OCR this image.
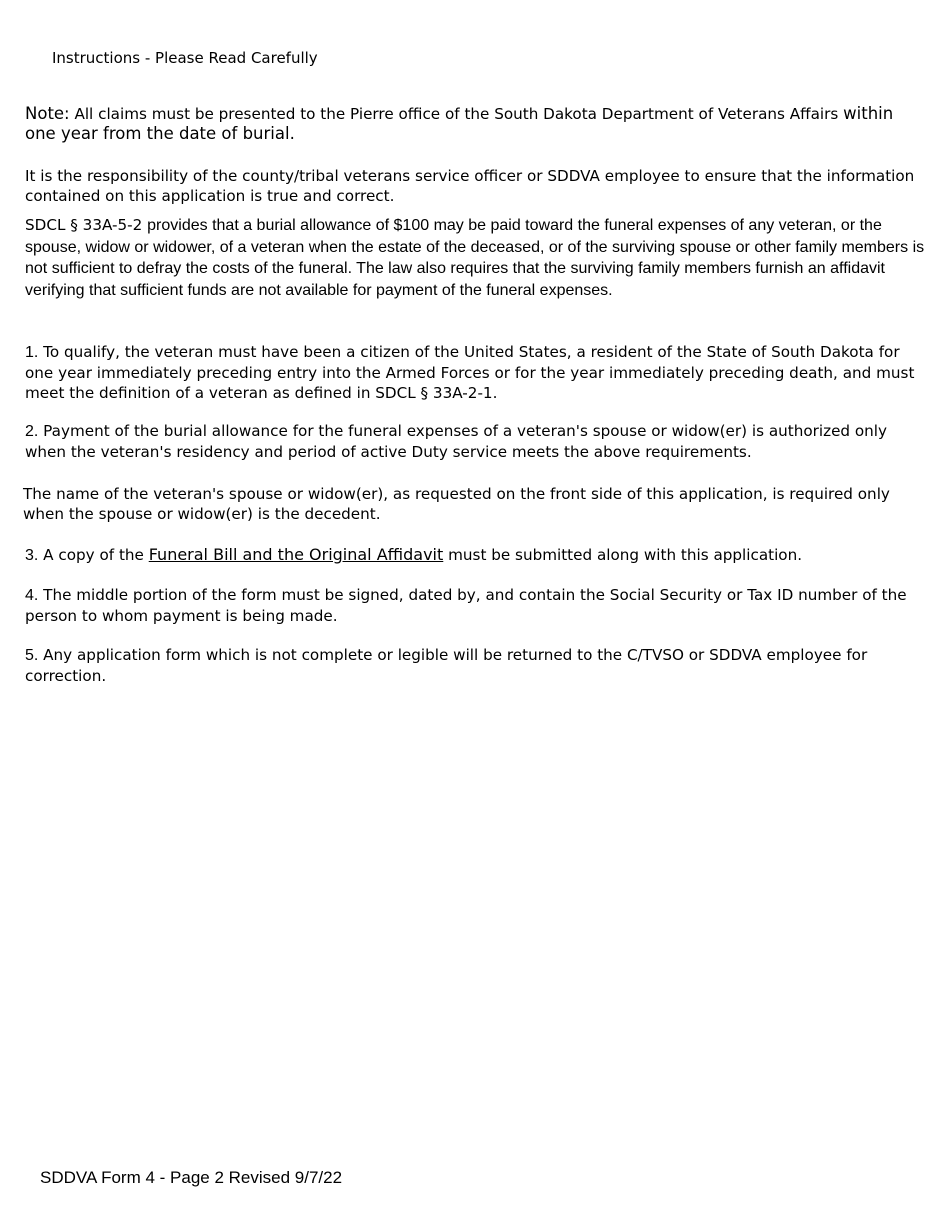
Instructions - Please Read Carefully

Note: All claims must be presented to the Pierre office of the South Dakota Department of Veterans Affairs within one year from the date of burial.

It is the responsibility of the county/tribal veterans service officer or SDDVA employee to ensure that the information contained on this application is true and correct.

SDCL § 33A-5-2 provides that a burial allowance of $100 may be paid toward the funeral expenses of any veteran, or the spouse, widow or widower, of a veteran when the estate of the deceased, or of the surviving spouse or other family members is not sufficient to defray the costs of the funeral. The law also requires that the surviving family members furnish an affidavit verifying that sufficient funds are not available for payment of the funeral expenses.

1. To qualify, the veteran must have been a citizen of the United States, a resident of the State of South Dakota for one year immediately preceding entry into the Armed Forces or for the year immediately preceding death, and must meet the definition of a veteran as defined in SDCL § 33A-2-1.

2. Payment of the burial allowance for the funeral expenses of a veteran's spouse or widow(er) is authorized only when the veteran's residency and period of active Duty service meets the above requirements.

The name of the veteran's spouse or widow(er), as requested on the front side of this application, is required only when the spouse or widow(er) is the decedent.

3. A copy of the Funeral Bill and the Original Affidavit must be submitted along with this application.

4. The middle portion of the form must be signed, dated by, and contain the Social Security or Tax ID number of the person to whom payment is being made.

5. Any application form which is not complete or legible will be returned to the C/TVSO or SDDVA employee for correction.

SDDVA Form 4 - Page 2 Revised 9/7/22
